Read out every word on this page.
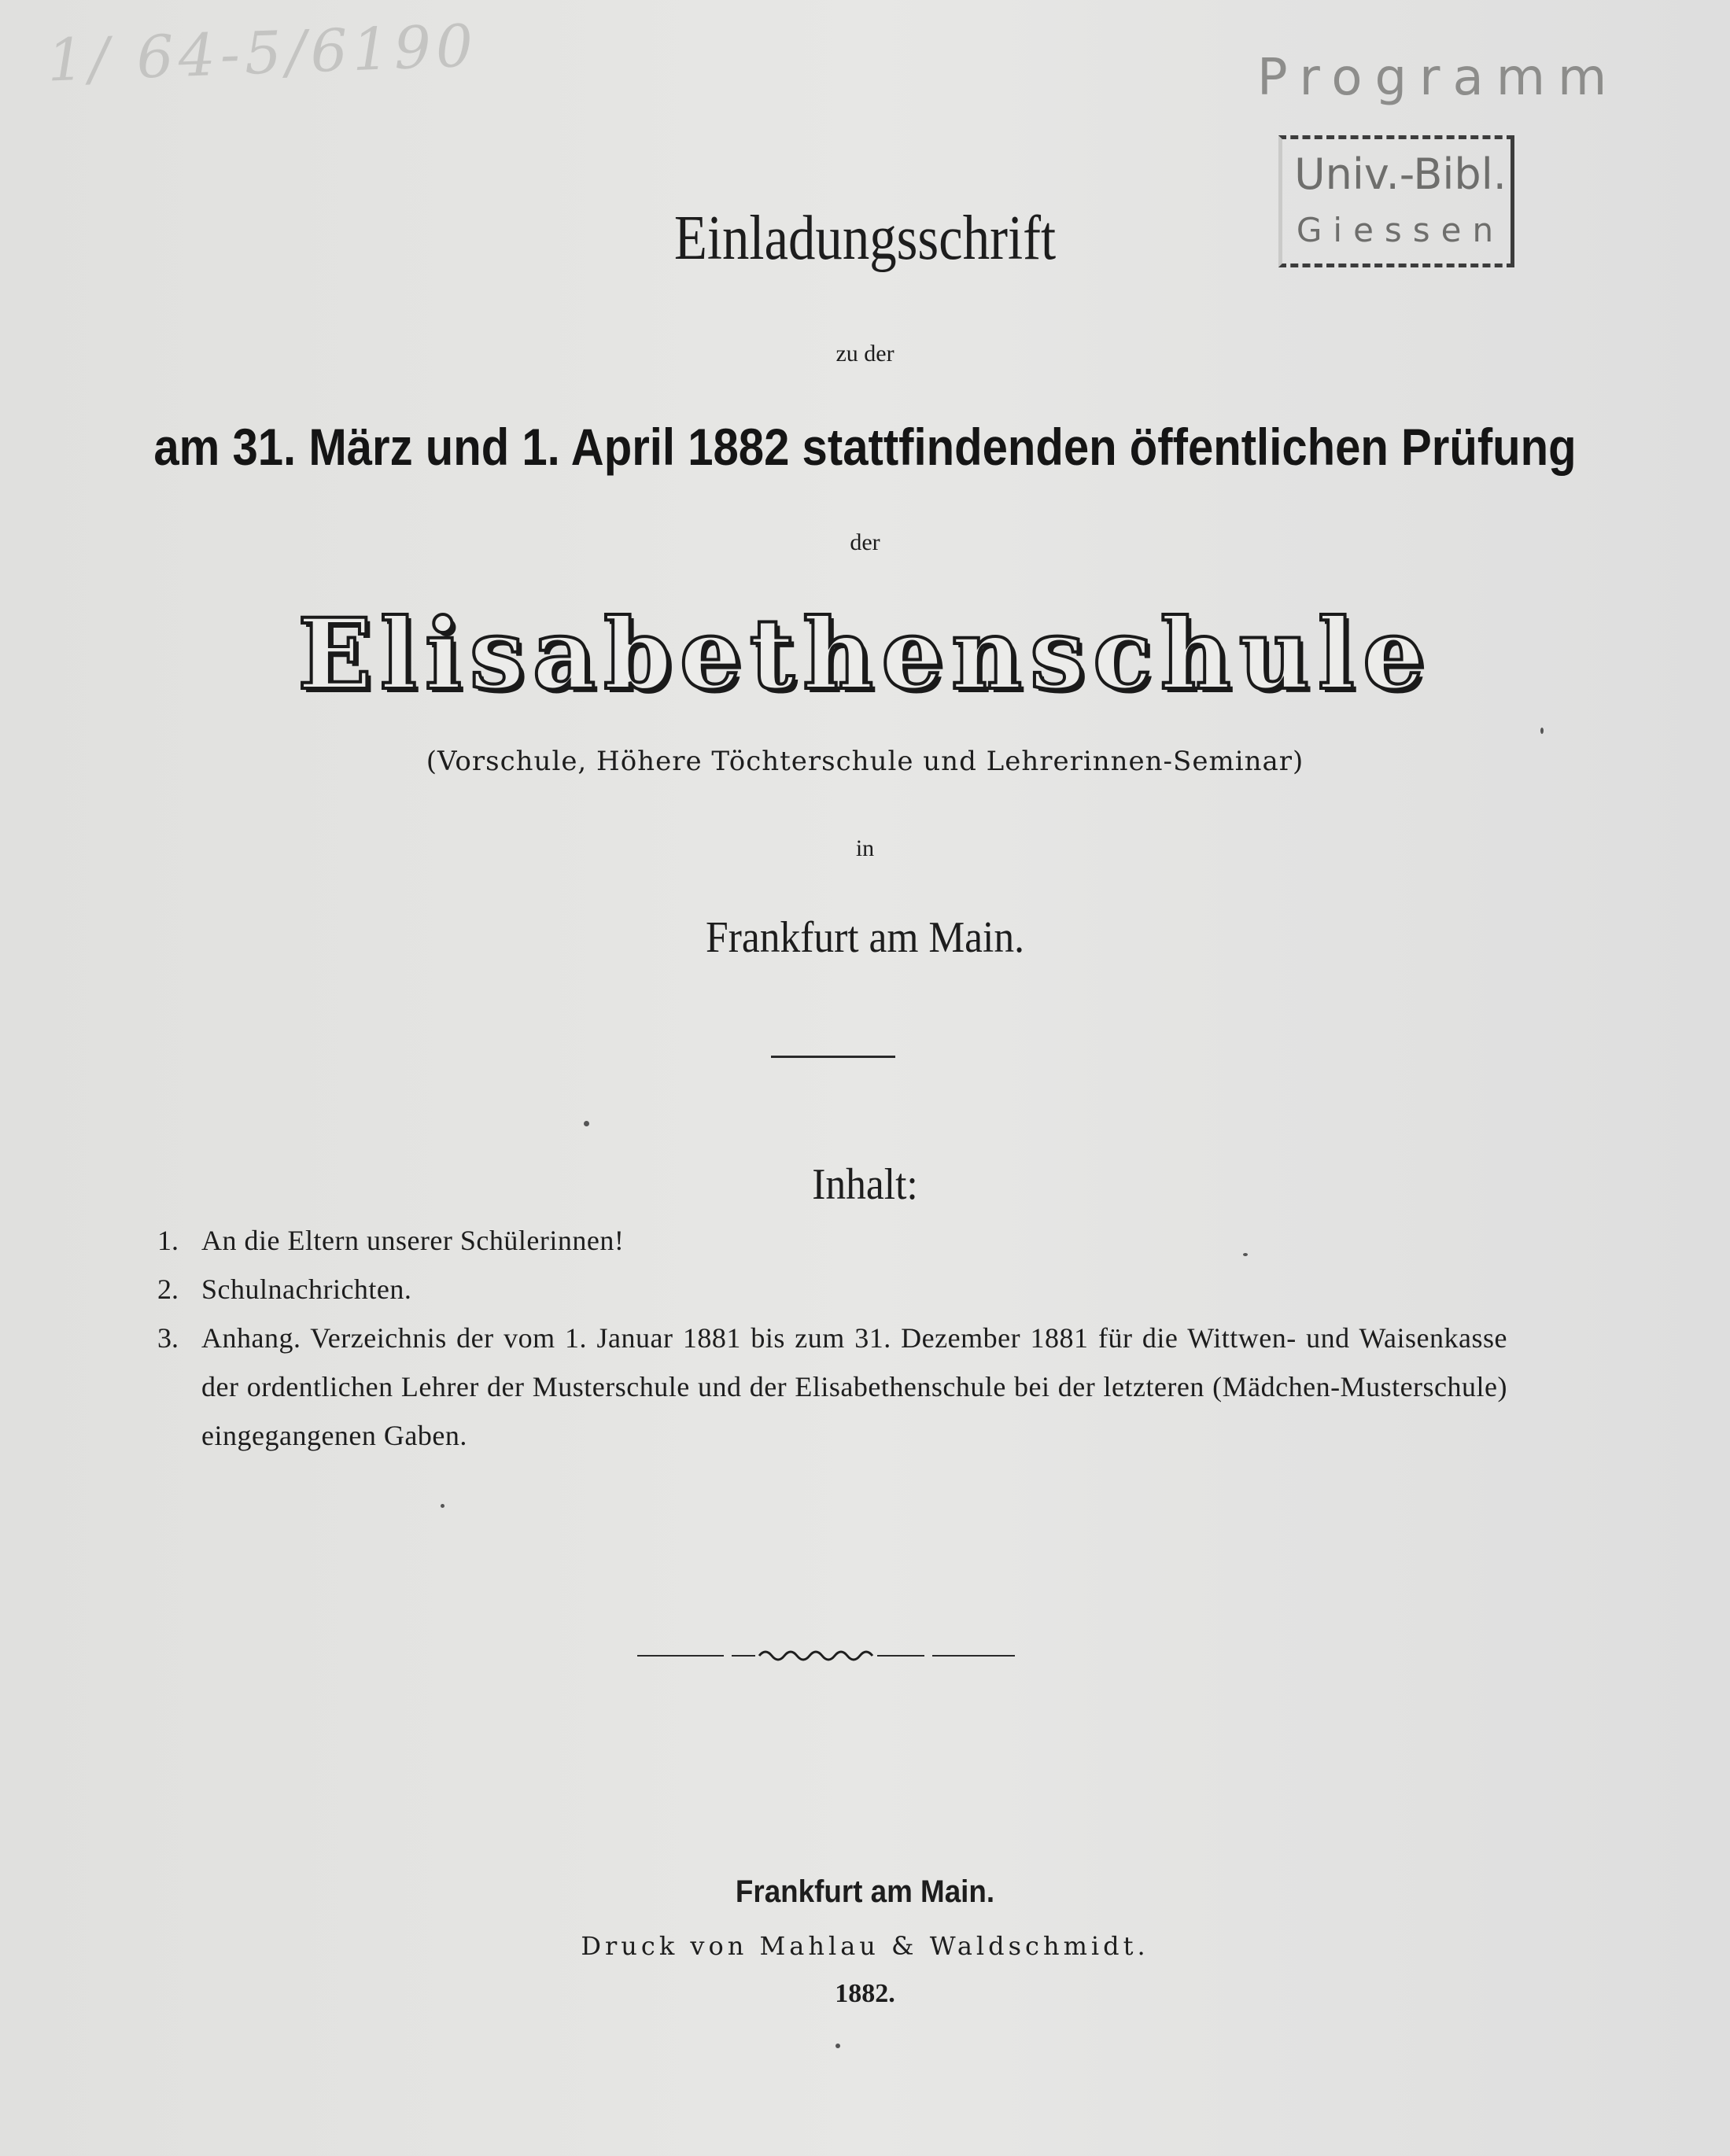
1/ 64-5/6190	Programm
Univ.-Bibl.
Giessen
Einladungsschrift
zu der
am 31. März und 1. April 1882 stattfindenden öffentlichen Prüfung
der
Elisabethenschule
(Vorschule, Höhere Töchterschule und Lehrerinnen-Seminar)
in
Frankfurt am Main.
Inhalt:
1. An die Eltern unserer Schülerinnen!
2. Schulnachrichten.
3. Anhang. Verzeichnis der vom 1. Januar 1881 bis zum 31. Dezember 1881 für die Wittwen- und Waisenkasse der ordentlichen Lehrer der Musterschule und der Elisabethenschule bei der letzteren (Mädchen-Musterschule) eingegangenen Gaben.
Frankfurt am Main.
Druck von Mahlau & Waldschmidt.
1882.
